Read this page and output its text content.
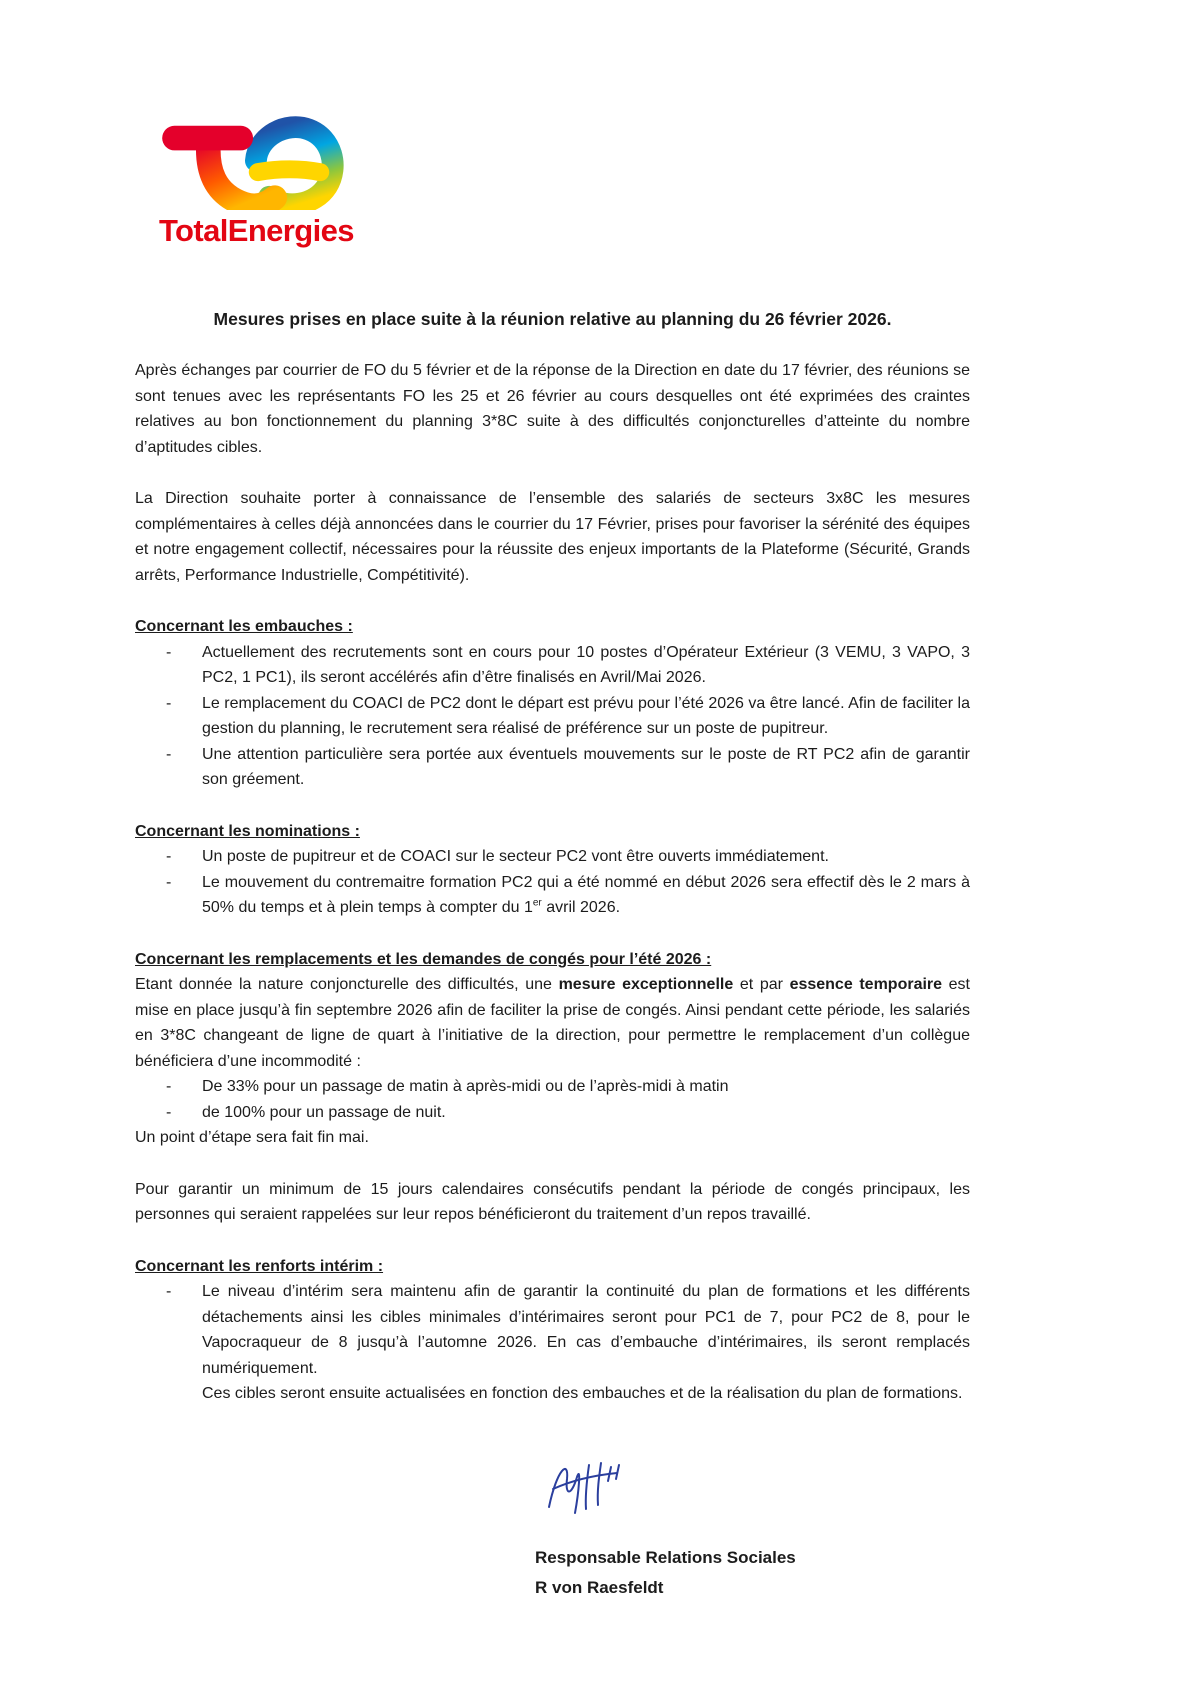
TotalEnergies
Mesures prises en place suite à la réunion relative au planning du 26 février 2026.

Après échanges par courrier de FO du 5 février et de la réponse de la Direction en date du 17 février, des réunions se sont tenues avec les représentants FO les 25 et 26 février au cours desquelles ont été exprimées des craintes relatives au bon fonctionnement du planning 3*8C suite à des difficultés conjoncturelles d’atteinte du nombre d’aptitudes cibles.

La Direction souhaite porter à connaissance de l’ensemble des salariés de secteurs 3x8C les mesures complémentaires à celles déjà annoncées dans le courrier du 17 Février, prises pour favoriser la sérénité des équipes et notre engagement collectif, nécessaires pour la réussite des enjeux importants de la Plateforme (Sécurité, Grands arrêts, Performance Industrielle, Compétitivité).

Concernant les embauches :
- Actuellement des recrutements sont en cours pour 10 postes d’Opérateur Extérieur (3 VEMU, 3 VAPO, 3 PC2, 1 PC1), ils seront accélérés afin d’être finalisés en Avril/Mai 2026.
- Le remplacement du COACI de PC2 dont le départ est prévu pour l’été 2026 va être lancé. Afin de faciliter la gestion du planning, le recrutement sera réalisé de préférence sur un poste de pupitreur.
- Une attention particulière sera portée aux éventuels mouvements sur le poste de RT PC2 afin de garantir son gréement.
Concernant les nominations :
- Un poste de pupitreur et de COACI sur le secteur PC2 vont être ouverts immédiatement.
- Le mouvement du contremaitre formation PC2 qui a été nommé en début 2026 sera effectif dès le 2 mars à 50% du temps et à plein temps à compter du 1er avril 2026.
Concernant les remplacements et les demandes de congés pour l’été 2026 :

Etant donnée la nature conjoncturelle des difficultés, une mesure exceptionnelle et par essence temporaire est mise en place jusqu’à fin septembre 2026 afin de faciliter la prise de congés. Ainsi pendant cette période, les salariés en 3*8C changeant de ligne de quart à l’initiative de la direction, pour permettre le remplacement d’un collègue bénéficiera d’une incommodité :

- De 33% pour un passage de matin à après-midi ou de l’après-midi à matin
- de 100% pour un passage de nuit.

Un point d’étape sera fait fin mai.

Pour garantir un minimum de 15 jours calendaires consécutifs pendant la période de congés principaux, les personnes qui seraient rappelées sur leur repos bénéficieront du traitement d’un repos travaillé.

Concernant les renforts intérim :
- Le niveau d’intérim sera maintenu afin de garantir la continuité du plan de formations et les différents détachements ainsi les cibles minimales d’intérimaires seront pour PC1 de 7, pour PC2 de 8, pour le Vapocraqueur de 8 jusqu’à l’automne 2026. En cas d’embauche d’intérimaires, ils seront remplacés numériquement.

Ces cibles seront ensuite actualisées en fonction des embauches et de la réalisation du plan de formations.

Responsable Relations Sociales
R von Raesfeldt
